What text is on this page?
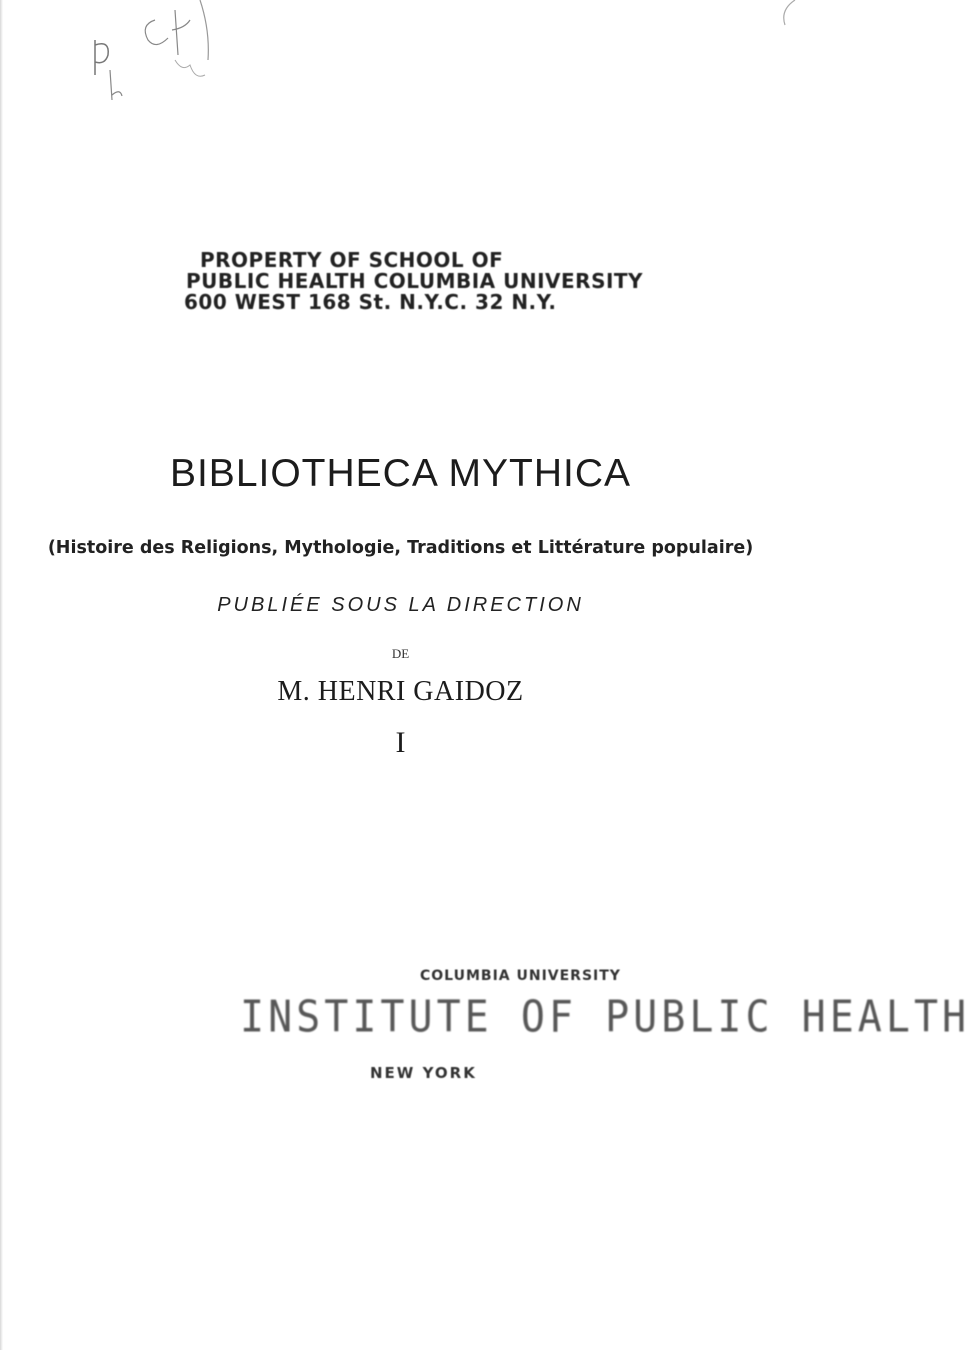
PROPERTY OF SCHOOL OF
PUBLIC HEALTH COLUMBIA UNIVERSITY
600 WEST 168 St. N.Y.C. 32 N.Y.
BIBLIOTHECA MYTHICA
(Histoire des Religions, Mythologie, Traditions et Littérature populaire)
PUBLIÉE SOUS LA DIRECTION
DE
M. HENRI GAIDOZ
I
COLUMBIA UNIVERSITY
INSTITUTE OF PUBLIC HEALTH
NEW YORK
